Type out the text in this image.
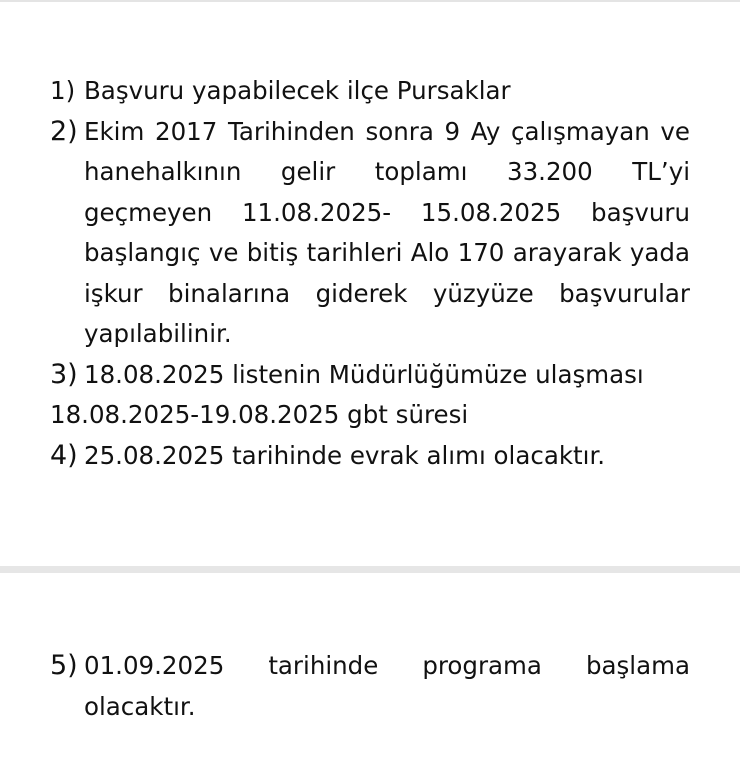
1) Başvuru yapabilecek ilçe Pursaklar
2) Ekim 2017 Tarihinden sonra 9 Ay çalışmayan ve hanehalkının gelir toplamı 33.200 TL’yi geçmeyen 11.08.2025- 15.08.2025 başvuru başlangıç ve bitiş tarihleri Alo 170 arayarak yada işkur binalarına giderek yüzyüze başvurular yapılabilinir.
3) 18.08.2025 listenin Müdürlüğümüze ulaşması
18.08.2025-19.08.2025 gbt süresi
4) 25.08.2025 tarihinde evrak alımı olacaktır.
5) 01.09.2025 tarihinde programa başlama olacaktır.
